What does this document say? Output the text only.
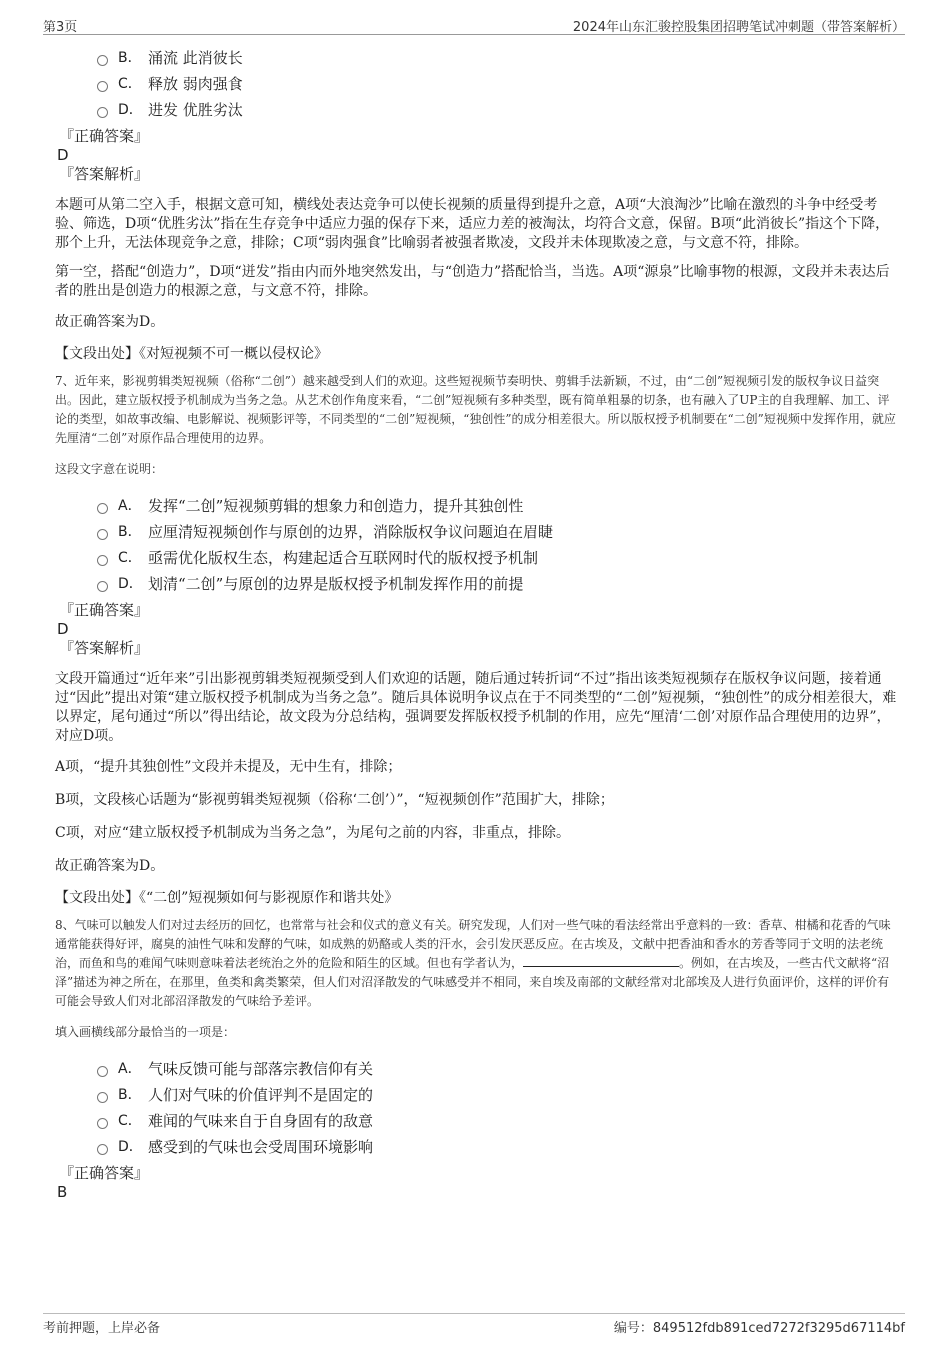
第3页	2024年山东汇骏控股集团招聘笔试冲刺题（带答案解析）
B． 涌流 此消彼长
C． 释放 弱肉强食
D． 进发 优胜劣汰
『正确答案』
D
『答案解析』

本题可从第二空入手，根据文意可知，横线处表达竞争可以使长视频的质量得到提升之意，A项“大浪淘沙”比喻在激烈的斗争中经受考验、筛选，D项“优胜劣汰”指在生存竞争中适应力强的保存下来，适应力差的被淘汰，均符合文意，保留。B项“此消彼长”指这个下降，那个上升，无法体现竞争之意，排除；C项“弱肉强食”比喻弱者被强者欺凌，文段并未体现欺凌之意，与文意不符，排除。

第一空，搭配“创造力”，D项“迸发”指由内而外地突然发出，与“创造力”搭配恰当，当选。A项“源泉”比喻事物的根源，文段并未表达后者的胜出是创造力的根源之意，与文意不符，排除。

故正确答案为D。

【文段出处】《对短视频不可一概以侵权论》

7、近年来，影视剪辑类短视频（俗称“二创”）越来越受到人们的欢迎。这些短视频节奏明快、剪辑手法新颖，不过，由“二创”短视频引发的版权争议日益突出。因此，建立版权授予机制成为当务之急。从艺术创作角度来看，“二创”短视频有多种类型，既有简单粗暴的切条，也有融入了UP主的自我理解、加工、评论的类型，如故事改编、电影解说、视频影评等，不同类型的“二创”短视频，“独创性”的成分相差很大。所以版权授予机制要在“二创”短视频中发挥作用，就应先厘清“二创”对原作品合理使用的边界。

这段文字意在说明：

A． 发挥“二创”短视频剪辑的想象力和创造力，提升其独创性
B． 应厘清短视频创作与原创的边界，消除版权争议问题迫在眉睫
C． 亟需优化版权生态，构建起适合互联网时代的版权授予机制
D． 划清“二创”与原创的边界是版权授予机制发挥作用的前提
『正确答案』
D
『答案解析』

文段开篇通过“近年来”引出影视剪辑类短视频受到人们欢迎的话题，随后通过转折词“不过”指出该类短视频存在版权争议问题，接着通过“因此”提出对策“建立版权授予机制成为当务之急”。随后具体说明争议点在于不同类型的“二创”短视频，“独创性”的成分相差很大，难以界定，尾句通过“所以”得出结论，故文段为分总结构，强调要发挥版权授予机制的作用，应先“厘清‘二创’对原作品合理使用的边界”，对应D项。

A项，“提升其独创性”文段并未提及，无中生有，排除；

B项，文段核心话题为“影视剪辑类短视频（俗称‘二创’）”，“短视频创作”范围扩大，排除；

C项，对应“建立版权授予机制成为当务之急”，为尾句之前的内容，非重点，排除。

故正确答案为D。

【文段出处】《“二创”短视频如何与影视原作和谐共处》

8、气味可以触发人们对过去经历的回忆，也常常与社会和仪式的意义有关。研究发现，人们对一些气味的看法经常出乎意料的一致：香草、柑橘和花香的气味通常能获得好评，腐臭的油性气味和发酵的气味，如成熟的奶酪或人类的汗水，会引发厌恶反应。在古埃及，文献中把香油和香水的芳香等同于文明的法老统治，而鱼和鸟的难闻气味则意味着法老统治之外的危险和陌生的区域。但也有学者认为，	。例如，在古埃及，一些古代文献将“沼泽”描述为神之所在，在那里，鱼类和禽类繁荣，但人们对沼泽散发的气味感受并不相同，来自埃及南部的文献经常对北部埃及人进行负面评价，这样的评价有可能会导致人们对北部沼泽散发的气味给予差评。

填入画横线部分最恰当的一项是：

A． 气味反馈可能与部落宗教信仰有关
B． 人们对气味的价值评判不是固定的
C． 难闻的气味来自于自身固有的敌意
D． 感受到的气味也会受周围环境影响
『正确答案』
B
考前押题，上岸必备	编号：849512fdb891ced7272f3295d67114bf
